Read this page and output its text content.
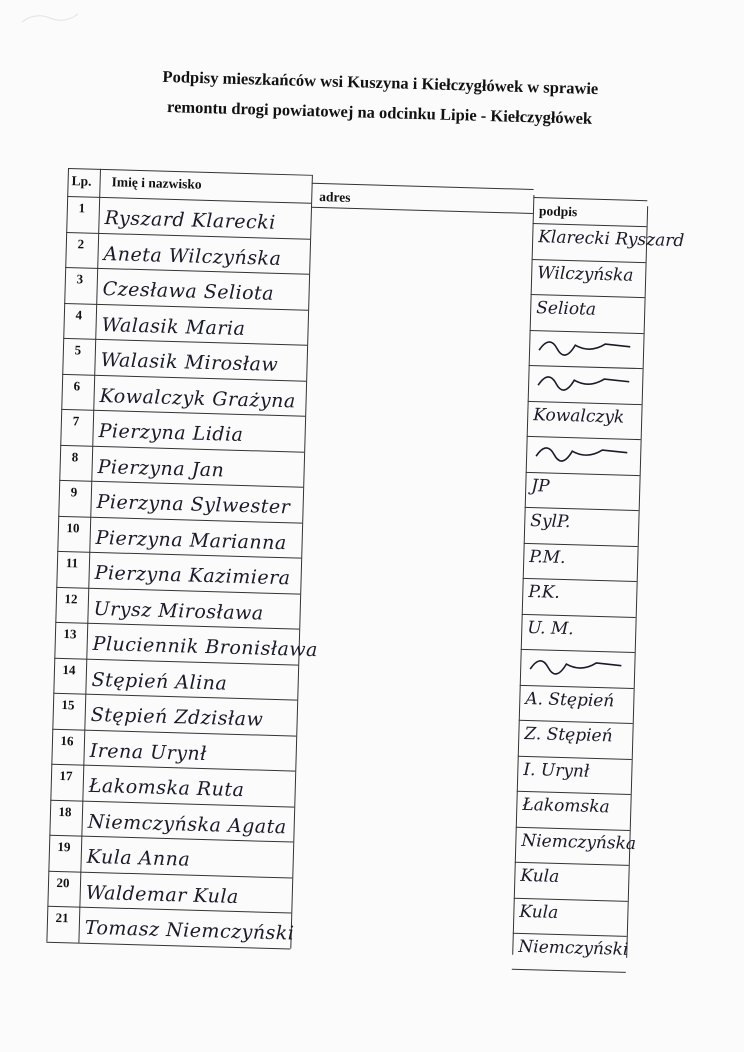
Podpisy mieszkańców wsi Kuszyna i Kiełczygłówek w sprawie
remontu drogi powiatowej na odcinku Lipie - Kiełczygłówek
Lp. Imię i nazwisko
adres
podpis
1 Ryszard Klarecki
Klarecki Ryszard
2 Aneta Wilczyńska
Wilczyńska
3 Czesława Seliota
Seliota
4 Walasik Maria
5 Walasik Mirosław
6 Kowalczyk Grażyna
Kowalczyk
7 Pierzyna Lidia
8 Pierzyna Jan
JP
9 Pierzyna Sylwester
SylP.
10 Pierzyna Marianna
P.M.
11 Pierzyna Kazimiera
P.K.
12 Urysz Mirosława
U. M.
13 Pluciennik Bronisława
14 Stępień Alina
A. Stępień
15 Stępień Zdzisław
Z. Stępień
16 Irena Urynł
I. Urynł
17 Łakomska Ruta
Łakomska
18 Niemczyńska Agata
Niemczyńska
19 Kula Anna
Kula
20 Waldemar Kula
Kula
21 Tomasz Niemczyński
Niemczyński
